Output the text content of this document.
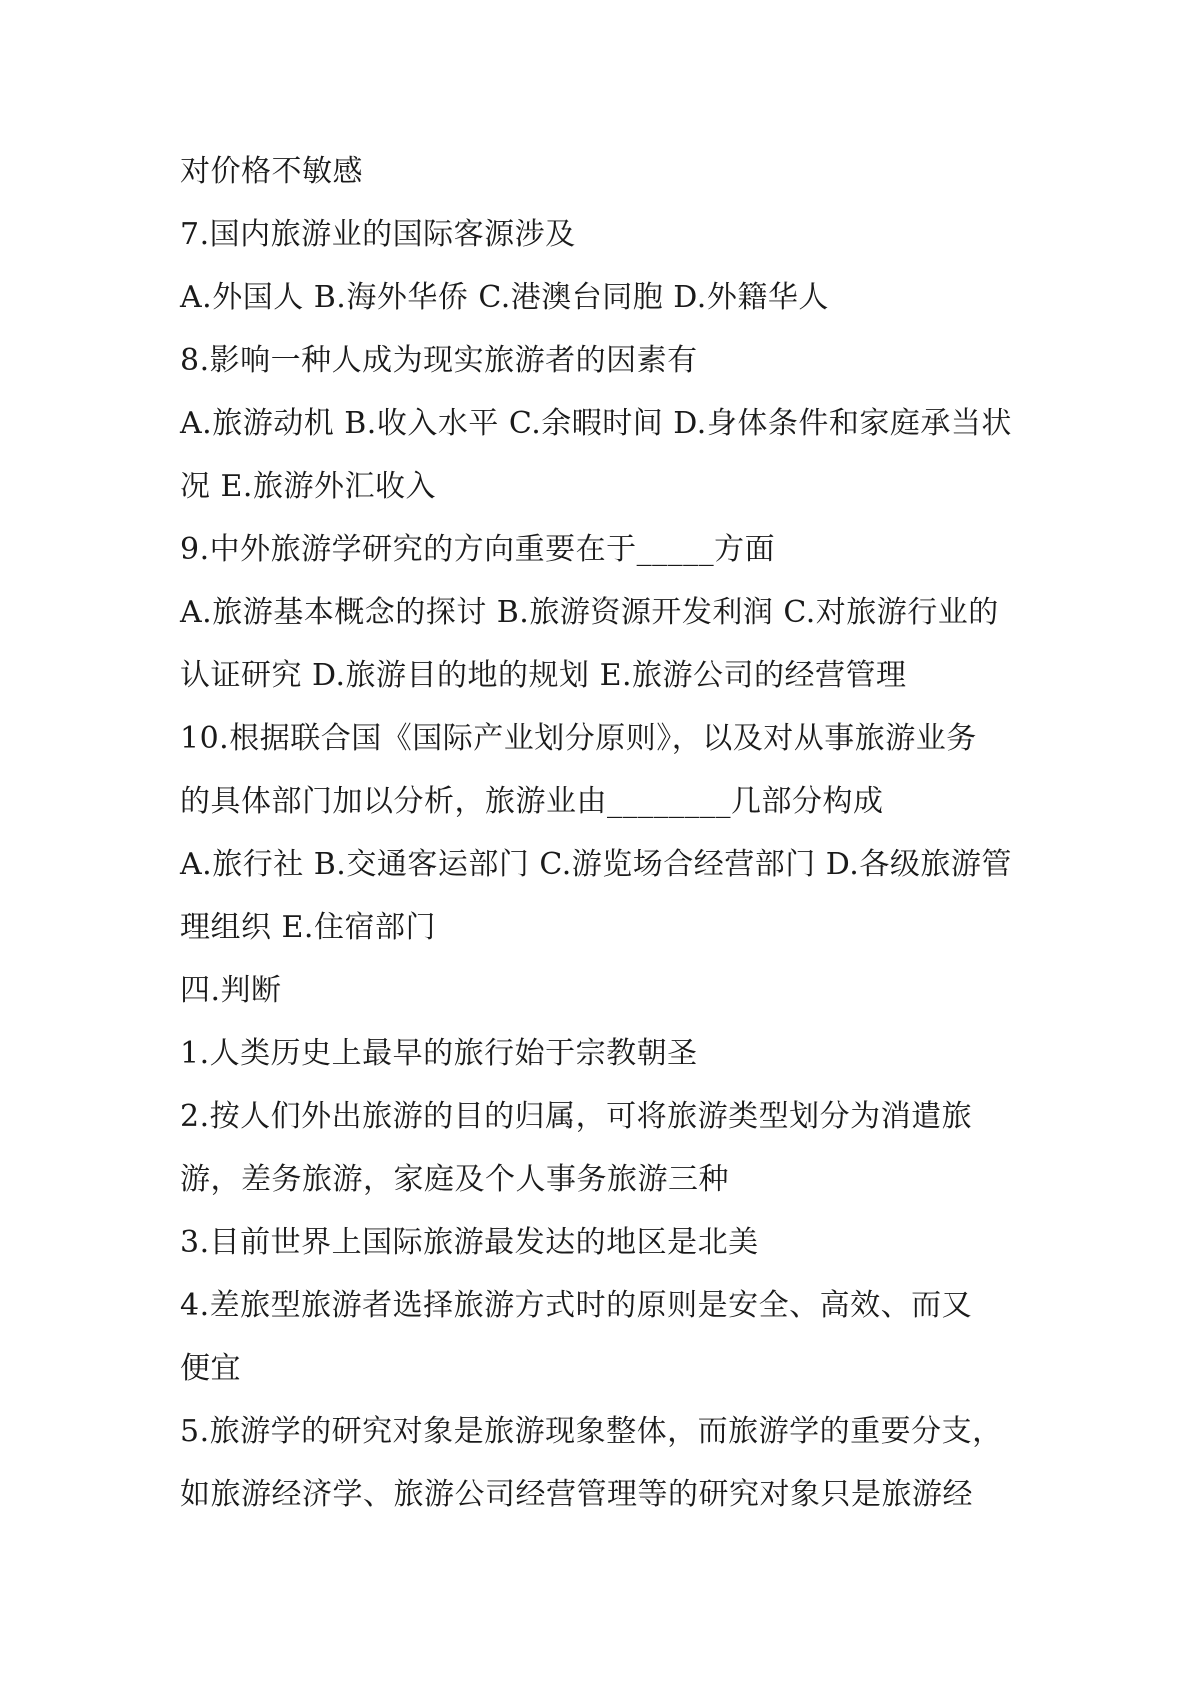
对价格不敏感
7.国内旅游业的国际客源涉及
A.外国人 B.海外华侨 C.港澳台同胞 D.外籍华人
8.影响一种人成为现实旅游者的因素有
A.旅游动机 B.收入水平 C.余暇时间 D.身体条件和家庭承当状
况 E.旅游外汇收入
9.中外旅游学研究的方向重要在于_____方面
A.旅游基本概念的探讨 B.旅游资源开发利润 C.对旅游行业的
认证研究 D.旅游目的地的规划 E.旅游公司的经营管理
10.根据联合国《国际产业划分原则》，以及对从事旅游业务
的具体部门加以分析，旅游业由________几部分构成
A.旅行社 B.交通客运部门 C.游览场合经营部门 D.各级旅游管
理组织 E.住宿部门
四.判断
1.人类历史上最早的旅行始于宗教朝圣
2.按人们外出旅游的目的归属，可将旅游类型划分为消遣旅
游，差务旅游，家庭及个人事务旅游三种
3.目前世界上国际旅游最发达的地区是北美
4.差旅型旅游者选择旅游方式时的原则是安全、高效、而又
便宜
5.旅游学的研究对象是旅游现象整体，而旅游学的重要分支，
如旅游经济学、旅游公司经营管理等的研究对象只是旅游经
